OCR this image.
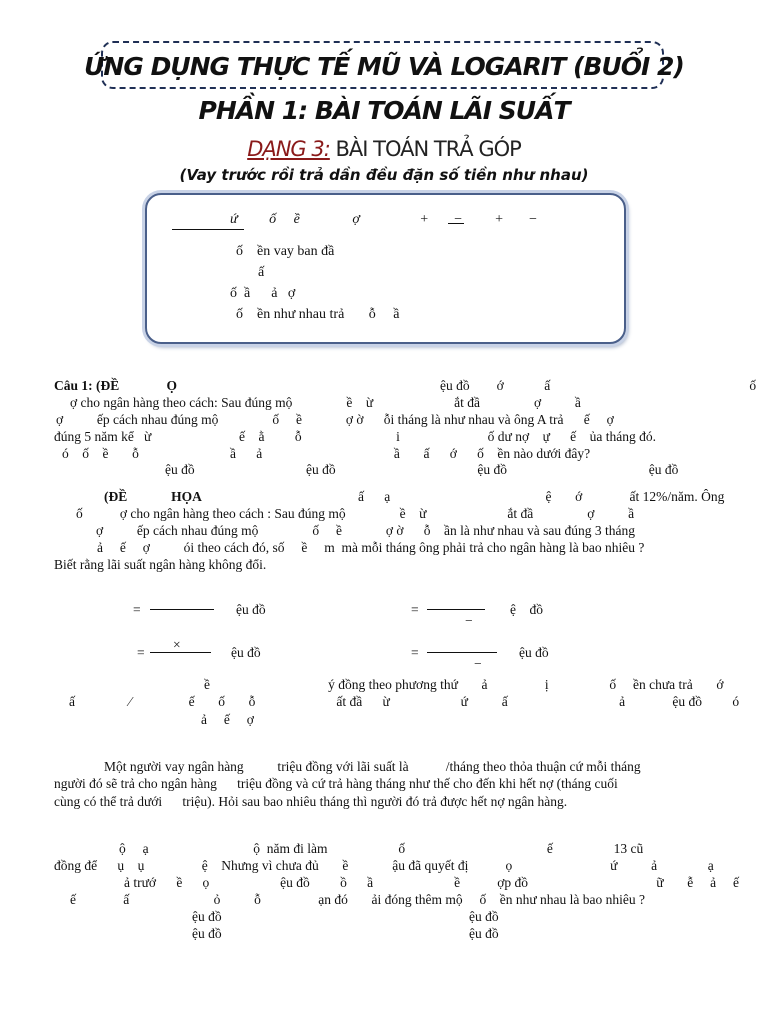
ỨNG DỤNG THỰC TẾ MŨ VÀ LOGARIT (BUỔI 2)
PHẦN 1: BÀI TOÁN LÃI SUẤT
DẠNG 3: BÀI TOÁN TRẢ GÓP
(Vay trước rồi trả dần đều đặn số tiền như nhau)
ứ         ố     ề               ợ                 +       −         +       −
ố    ền vay ban đầ
ấ
ố  ầ      ả   ợ
ố    ền như nhau trả       ỗ     ầ
Câu 1: (ĐỀ              Ọ	ệu đồ        ớ            ấ                                                           ố
ợ cho ngân hàng theo cách: Sau đúng mộ                ề    ừ                        ắt đầ                ợ          ầ
ợ          ếp cách nhau đúng mộ                ố     ề             ợ ờ      ỗi tháng là như nhau và ông A trả      ế     ợ
đúng 5 năm kể   ừ                          ế    ằ         ỗ                            i                          ố dư nợ    ự      ế    ủa tháng đó.
ó    ố    ề       ỗ                           ầ      ả                                       ầ       ấ      ớ      ố    ền nào dưới đây?
ệu đồ                                 ệu đồ                                          ệu đồ                                          ệu đồ
(ĐỀ             HỌA	ấ      ạ                                              ệ       ớ              ất 12%/năm. Ông
ố           ợ cho ngân hàng theo cách : Sau đúng mộ                ề    ừ                        ắt đầ                ợ          ầ
ợ          ếp cách nhau đúng mộ                ố     ề             ợ ờ      ỗ    ần là như nhau và sau đúng 3 tháng
ả     ế     ợ          ói theo cách đó, số     ề     m  mà mỗi tháng ông phải trả cho ngân hàng là bao nhiêu ?
Biết rằng lãi suất ngân hàng không đổi.
=	ệu đồ	=
−
ệ    đồ
×
=	ệu đồ	=
−
ệu đồ
ề                                   ý đồng theo phương thứ       ả                 ị                  ố     ền chưa trả       ớ
ấ                ⁄                 ế       ố       ỗ                        ất đầ      ừ                     ứ          ấ                                 ả              ệu đồ         ó
ả     ế     ợ
Một người vay ngân hàng          triệu đồng với lãi suất là           /tháng theo thỏa thuận cứ mỗi tháng
người đó sẽ trả cho ngân hàng      triệu đồng và cứ trả hàng tháng như thế cho đến khi hết nợ (tháng cuối
cùng có thể trả dưới      triệu). Hỏi sau bao nhiêu tháng thì người đó trả được hết nợ ngân hàng.
ộ     ạ                               ộ  năm đi làm                     ố                                          ế                  13 cũ
đồng để      ụ    ụ                 ệ    Nhưng vì chưa đủ       ề             ậu đã quyết đị           ọ                             ứ          ả               ạ
ả trướ      ề      ọ                     ệu đồ         ồ      ầ                        ề           ợp đồ                                      ữ       ễ     ả     ế
ế              ấ                         ỏ          ỗ                 ạn đó       ải đóng thêm mộ     ố    ền như nhau là bao nhiêu ?
ệu đồ	ệu đồ
ệu đồ	ệu đồ
